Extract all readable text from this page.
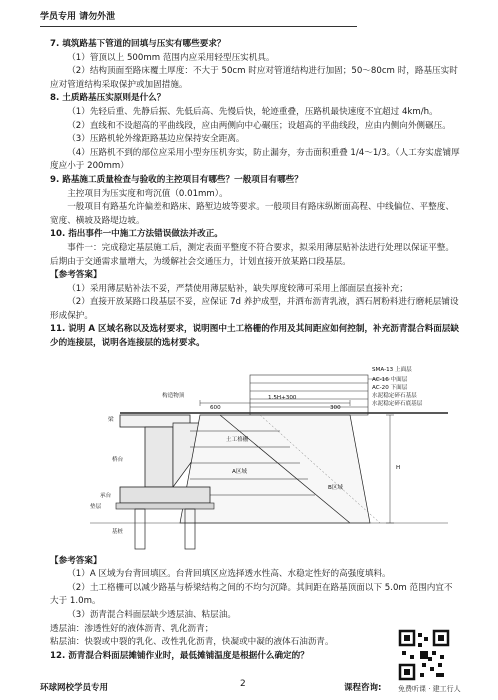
学员专用 请勿外泄

7. 填筑路基下管道的回填与压实有哪些要求？

（1）管顶以上 500mm 范围内应采用轻型压实机具。

（2）结构顶面至路床覆土厚度：不大于 50cm 时应对管道结构进行加固；50～80cm 时，路基压实时应对管道结构采取保护或加固措施。

8. 土质路基压实原则是什么？

（1）先轻后重、先静后振、先低后高、先慢后快，轮迹重叠，压路机最快速度不宜超过 4km/h。

（2）直线和不设超高的平曲线段，应由两侧向中心碾压；设超高的平曲线段，应由内侧向外侧碾压。

（3）压路机轮外缘距路基边应保持安全距离。

（4）压路机不到的部位应采用小型夯压机夯实，防止漏夯，夯击面积重叠 1/4～1/3。（人工夯实虚铺厚度应小于 200mm）

9. 路基施工质量检查与验收的主控项目有哪些？一般项目有哪些？

主控项目为压实度和弯沉值（0.01mm）。

一般项目有路基允许偏差和路床、路堑边坡等要求。一般项目有路床纵断面高程、中线偏位、平整度、宽度、横坡及路堤边坡。

10. 指出事件一中施工方法错误做法并改正。

事件一：完成稳定基层施工后，测定表面平整度不符合要求，拟采用薄层贴补法进行处理以保证平整。后期由于交通需求量增大，为缓解社会交通压力，计划直接开放某路口段基层。

【参考答案】

（1）采用薄层贴补法不妥，严禁使用薄层贴补，缺失厚度较薄可采用上部面层直接补充；

（2）直接开放某路口段基层不妥，应保证 7d 养护成型，并洒布沥青乳液，洒石屑粉料进行磨耗层铺设形成保护。

11. 说明 A 区域名称以及选材要求，说明图中土工格栅的作用及其间距应如何控制，补充沥青混合料面层缺少的连接层，说明各连接层的选材要求。

SMA-13 上面层
AC-16 中面层
AC-20 下面层
水泥稳定碎石基层
水泥稳定碎石底基层
构造物顶	1.5H+300
600	300
H
梁
土工格栅
桥台
A区域
B区域
承台
垫层
基桩

【参考答案】

（1）A 区域为台背回填区。台背回填区应选择透水性高、水稳定性好的高强度填料。

（2）土工格栅可以减少路基与桥梁结构之间的不均匀沉降。其间距在路基顶面以下 5.0m 范围内宜不大于 1.0m。

（3）沥青混合料面层缺少透层油、粘层油。

透层油：渗透性好的液体沥青、乳化沥青；

粘层油：快裂或中裂的乳化、改性乳化沥青，快凝或中凝的液体石油沥青。

12. 沥青混合料面层摊铺作业时，最低摊铺温度是根据什么确定的？

免费听课 · 建工行人
环球网校学员专用	2	课程咨询:
